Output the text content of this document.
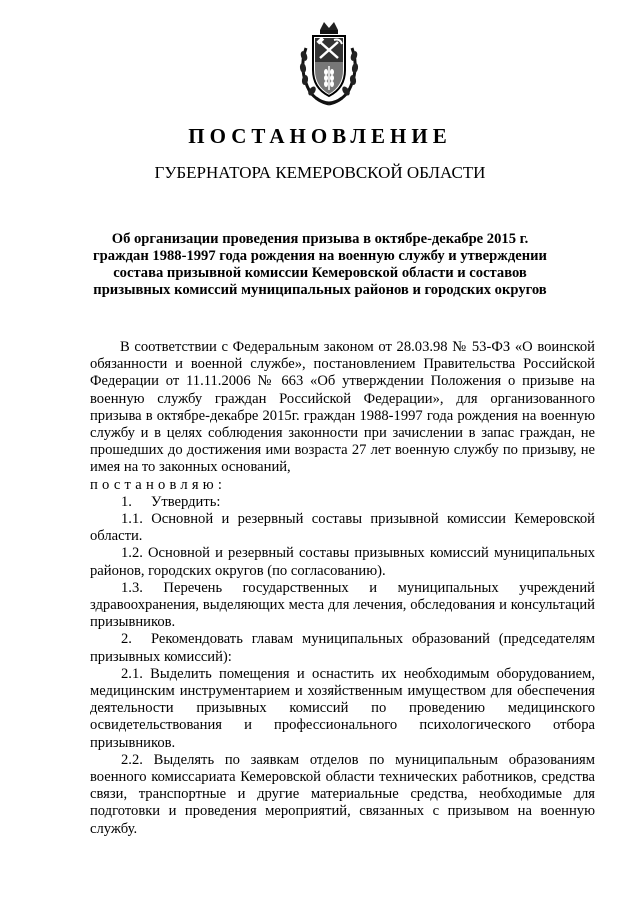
ПОСТАНОВЛЕНИЕ
ГУБЕРНАТОРА КЕМЕРОВСКОЙ ОБЛАСТИ
Об организации проведения призыва в октябре-декабре 2015 г.
граждан 1988-1997 года рождения на военную службу и утверждении
состава призывной комиссии Кемеровской области и составов
призывных комиссий муниципальных районов и городских округов

В соответствии с Федеральным законом от 28.03.98 № 53-ФЗ «О воинской обязанности и военной службе», постановлением Правительства Российской Федерации от 11.11.2006 № 663 «Об утверждении Положения о призыве на военную службу граждан Российской Федерации», для организованного призыва в октябре-декабре 2015г. граждан 1988-1997 года рождения на военную службу и в целях соблюдения законности при зачислении в запас граждан, не прошедших до достижения ими возраста 27 лет военную службу по призыву, не имея на то законных оснований,

постановляю:

1. Утвердить:

1.1. Основной и резервный составы призывной комиссии Кемеровской области.

1.2. Основной и резервный составы призывных комиссий муниципальных районов, городских округов (по согласованию).

1.3. Перечень государственных и муниципальных учреждений здравоохранения, выделяющих места для лечения, обследования и консультаций призывников.

2. Рекомендовать главам муниципальных образований (председателям призывных комиссий):

2.1. Выделить помещения и оснастить их необходимым оборудованием, медицинским инструментарием и хозяйственным имуществом для обеспечения деятельности призывных комиссий по проведению медицинского освидетельствования и профессионального психологического отбора призывников.

2.2. Выделять по заявкам отделов по муниципальным образованиям военного комиссариата Кемеровской области технических работников, средства связи, транспортные и другие материальные средства, необходимые для подготовки и проведения мероприятий, связанных с призывом на военную службу.
